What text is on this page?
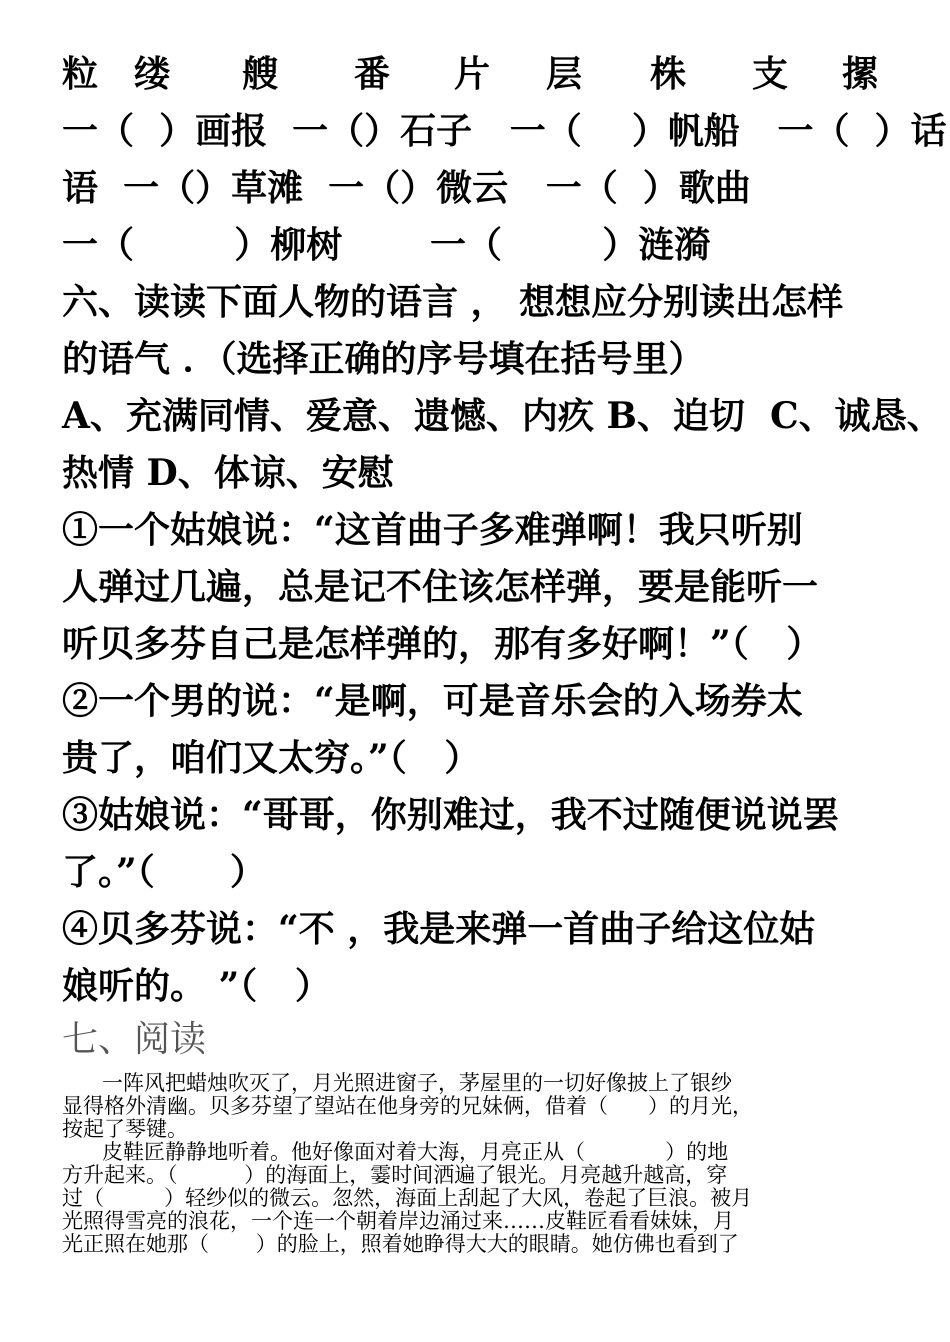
粒 缕 艘 番 片 层 株 支 摞
一（  ）画报  一（）石子   一（    ）帆船   一（  ）话
语  一（）草滩  一（）微云   一（  ）歌曲
一（        ）柳树       一（        ）涟漪
六、读读下面人物的语言 ， 想想应分别读出怎样
的语气 ．（选择正确的序号填在括号里）
A、充满同情、爱意、遗憾、内疚 B、迫切  C、诚恳、
热情 D、体谅、安慰
①一个姑娘说：“这首曲子多难弹啊！我只听别
人弹过几遍，总是记不住该怎样弹，要是能听一
听贝多芬自己是怎样弹的，那有多好啊！”（   ）
②一个男的说：“是啊，可是音乐会的入场券太
贵了，咱们又太穷。”（   ）
③姑娘说：“哥哥，你别难过，我不过随便说说罢
了。”（      ）
④贝多芬说：“不 ，我是来弹一首曲子给这位姑
娘听的。 ”（   ）
七、阅读

一阵风把蜡烛吹灭了，月光照进窗子，茅屋里的一切好像披上了银纱

显得格外清幽。贝多芬望了望站在他身旁的兄妹俩，借着（      ）的月光，

按起了琴键。

皮鞋匠静静地听着。他好像面对着大海，月亮正从（            ）的地

方升起来。（          ）的海面上，霎时间洒遍了银光。月亮越升越高，穿

过（         ）轻纱似的微云。忽然，海面上刮起了大风，卷起了巨浪。被月

光照得雪亮的浪花，一个连一个朝着岸边涌过来……皮鞋匠看看妹妹，月

光正照在她那（       ）的脸上，照着她睁得大大的眼睛。她仿佛也看到了
